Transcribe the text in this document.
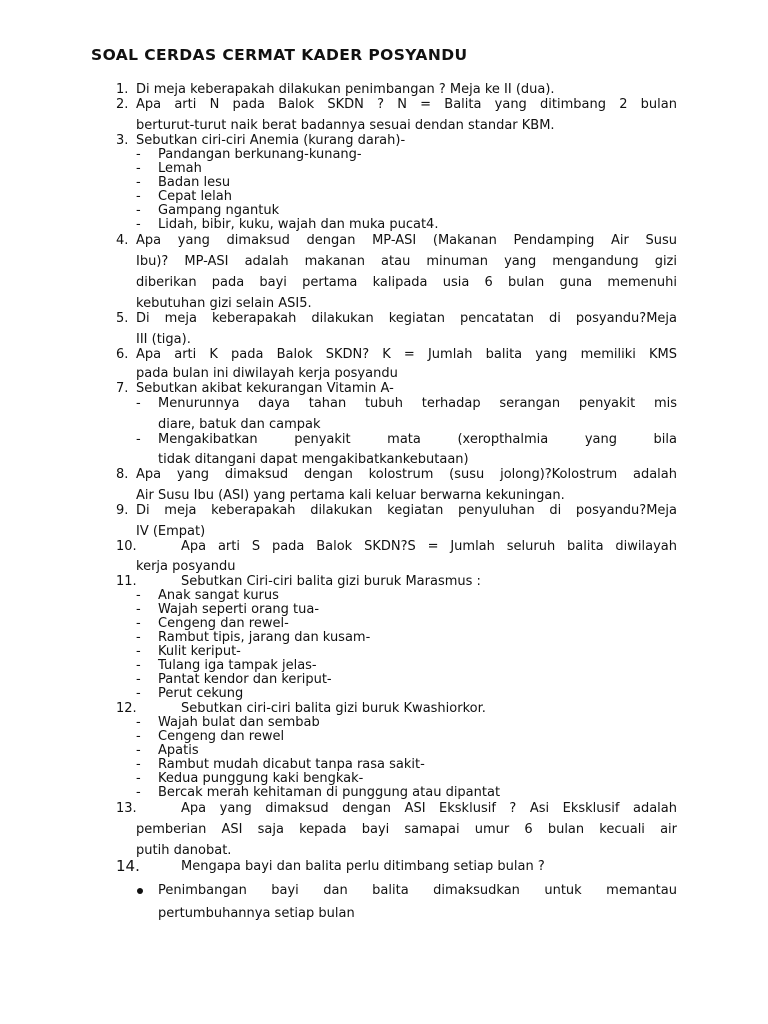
SOAL CERDAS CERMAT KADER POSYANDU
1. Di meja keberapakah dilakukan penimbangan ? Meja ke II (dua).
2. Apa arti N pada Balok SKDN ? N = Balita yang ditimbang 2 bulan
berturut-turut naik berat badannya sesuai dendan standar KBM.
3. Sebutkan ciri-ciri Anemia (kurang darah)-
- Pandangan berkunang-kunang-
- Lemah
- Badan lesu
- Cepat lelah
- Gampang ngantuk
- Lidah, bibir, kuku, wajah dan muka pucat4.
4. Apa yang dimaksud dengan MP-ASI (Makanan Pendamping Air Susu
Ibu)? MP-ASI adalah makanan atau minuman yang mengandung gizi
diberikan pada bayi pertama kalipada usia 6 bulan guna memenuhi
kebutuhan gizi selain ASI5.
5. Di meja keberapakah dilakukan kegiatan pencatatan di posyandu?Meja
III (tiga).
6. Apa arti K pada Balok SKDN? K = Jumlah balita yang memiliki KMS
pada bulan ini diwilayah kerja posyandu
7. Sebutkan akibat kekurangan Vitamin A-
- Menurunnya daya tahan tubuh terhadap serangan penyakit mis
diare, batuk dan campak
- Mengakibatkan penyakit mata (xeropthalmia yang bila
tidak ditangani dapat mengakibatkankebutaan)
8. Apa yang dimaksud dengan kolostrum (susu jolong)?Kolostrum adalah
Air Susu Ibu (ASI) yang pertama kali keluar berwarna kekuningan.
9. Di meja keberapakah dilakukan kegiatan penyuluhan di posyandu?Meja
IV (Empat)
10.	Apa arti S pada Balok SKDN?S = Jumlah seluruh balita diwilayah
kerja posyandu
11.	Sebutkan Ciri-ciri balita gizi buruk Marasmus :
- Anak sangat kurus
- Wajah seperti orang tua-
- Cengeng dan rewel-
- Rambut tipis, jarang dan kusam-
- Kulit keriput-
- Tulang iga tampak jelas-
- Pantat kendor dan keriput-
- Perut cekung
12.	Sebutkan ciri-ciri balita gizi buruk Kwashiorkor.
- Wajah bulat dan sembab
- Cengeng dan rewel
- Apatis
- Rambut mudah dicabut tanpa rasa sakit-
- Kedua punggung kaki bengkak-
- Bercak merah kehitaman di punggung atau dipantat
13.	Apa yang dimaksud dengan ASI Eksklusif ? Asi Eksklusif adalah
pemberian ASI saja kepada bayi samapai umur 6 bulan kecuali air
putih danobat.
14.	Mengapa bayi dan balita perlu ditimbang setiap bulan ?
Penimbangan bayi dan balita dimaksudkan untuk memantau
pertumbuhannya setiap bulan
